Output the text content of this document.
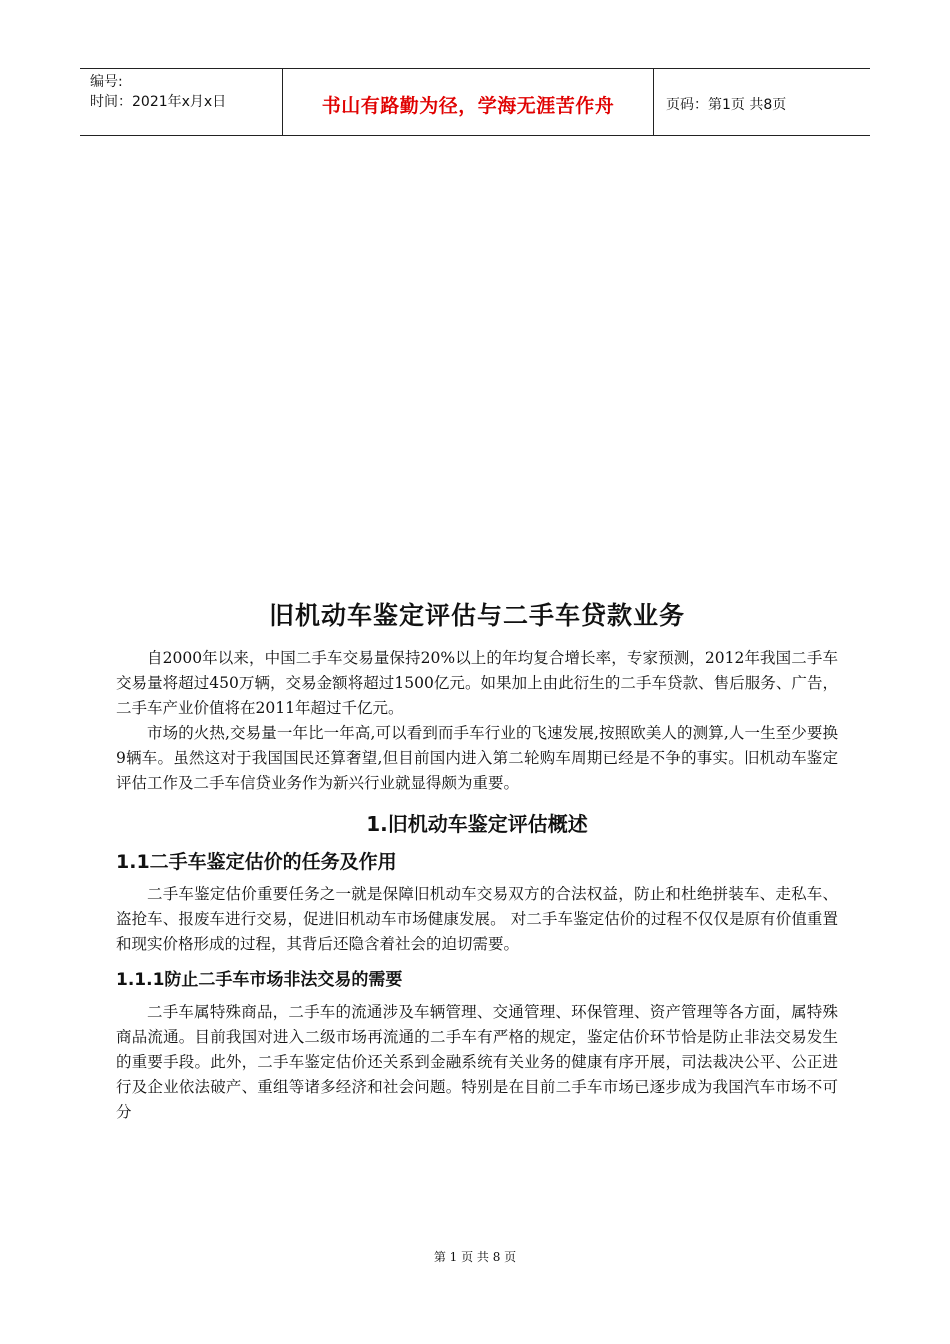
编号:
时间：2021年x月x日	书山有路勤为径，学海无涯苦作舟	页码：第1页 共8页
旧机动车鉴定评估与二手车贷款业务

自2000年以来，中国二手车交易量保持20%以上的年均复合增长率，专家预测，2012年我国二手车交易量将超过450万辆，交易金额将超过1500亿元。如果加上由此衍生的二手车贷款、售后服务、广告，二手车产业价值将在2011年超过千亿元。

市场的火热,交易量一年比一年高,可以看到而手车行业的飞速发展,按照欧美人的测算,人一生至少要换9辆车。虽然这对于我国国民还算奢望,但目前国内进入第二轮购车周期已经是不争的事实。旧机动车鉴定评估工作及二手车信贷业务作为新兴行业就显得颇为重要。

1.旧机动车鉴定评估概述
1.1二手车鉴定估价的任务及作用

二手车鉴定估价重要任务之一就是保障旧机动车交易双方的合法权益，防止和杜绝拼装车、走私车、盗抢车、报废车进行交易，促进旧机动车市场健康发展。 对二手车鉴定估价的过程不仅仅是原有价值重置和现实价格形成的过程，其背后还隐含着社会的迫切需要。

1.1.1防止二手车市场非法交易的需要

二手车属特殊商品，二手车的流通涉及车辆管理、交通管理、环保管理、资产管理等各方面，属特殊商品流通。目前我国对进入二级市场再流通的二手车有严格的规定，鉴定估价环节恰是防止非法交易发生的重要手段。此外，二手车鉴定估价还关系到金融系统有关业务的健康有序开展，司法裁决公平、公正进行及企业依法破产、重组等诸多经济和社会问题。特别是在目前二手车市场已逐步成为我国汽车市场不可分

第 1 页 共 8 页
